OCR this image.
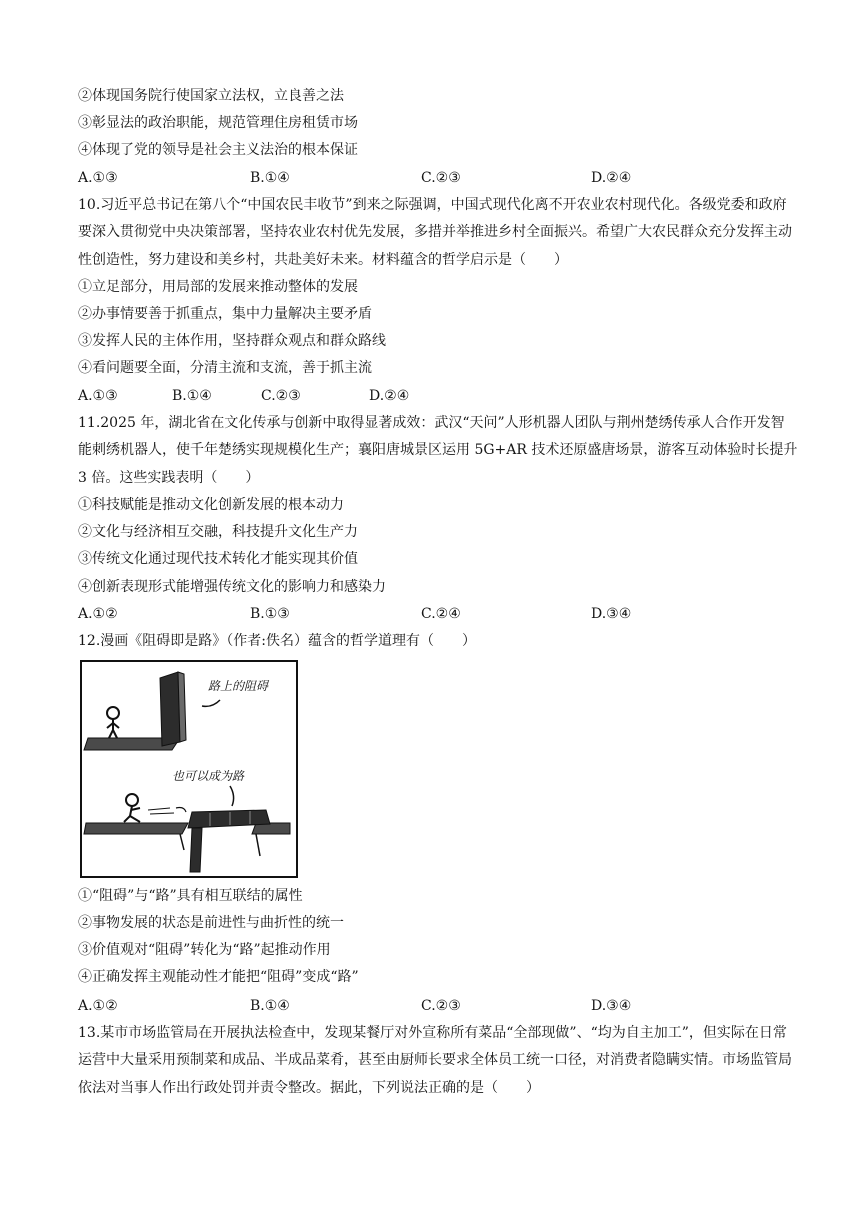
②体现国务院行使国家立法权，立良善之法
③彰显法的政治职能，规范管理住房租赁市场
④体现了党的领导是社会主义法治的根本保证
A.①③	B.①④	C.②③	D.②④
10.习近平总书记在第八个“中国农民丰收节”到来之际强调，中国式现代化离不开农业农村现代化。各级党委和政府要深入贯彻党中央决策部署，坚持农业农村优先发展，多措并举推进乡村全面振兴。希望广大农民群众充分发挥主动性创造性，努力建设和美乡村，共赴美好未来。材料蕴含的哲学启示是（　　）
①立足部分，用局部的发展来推动整体的发展
②办事情要善于抓重点，集中力量解决主要矛盾
③发挥人民的主体作用，坚持群众观点和群众路线
④看问题要全面，分清主流和支流，善于抓主流
A.①③	B.①④	C.②③	D.②④
11.2025 年，湖北省在文化传承与创新中取得显著成效：武汉“天问”人形机器人团队与荆州楚绣传承人合作开发智能刺绣机器人，使千年楚绣实现规模化生产；襄阳唐城景区运用 5G+AR 技术还原盛唐场景，游客互动体验时长提升 3 倍。这些实践表明（　　）
①科技赋能是推动文化创新发展的根本动力
②文化与经济相互交融，科技提升文化生产力
③传统文化通过现代技术转化才能实现其价值
④创新表现形式能增强传统文化的影响力和感染力
A.①②	B.①③	C.②④	D.③④
12.漫画《阻碍即是路》（作者:佚名）蕴含的哲学道理有（　　）
路上的阻碍
也可以成为路
①“阻碍”与“路”具有相互联结的属性
②事物发展的状态是前进性与曲折性的统一
③价值观对“阻碍”转化为“路”起推动作用
④正确发挥主观能动性才能把“阻碍”变成“路”
A.①②	B.①④	C.②③	D.③④
13.某市市场监管局在开展执法检查中，发现某餐厅对外宣称所有菜品“全部现做”、“均为自主加工”，但实际在日常运营中大量采用预制菜和成品、半成品菜肴，甚至由厨师长要求全体员工统一口径，对消费者隐瞒实情。市场监管局依法对当事人作出行政处罚并责令整改。据此，下列说法正确的是（　　）
